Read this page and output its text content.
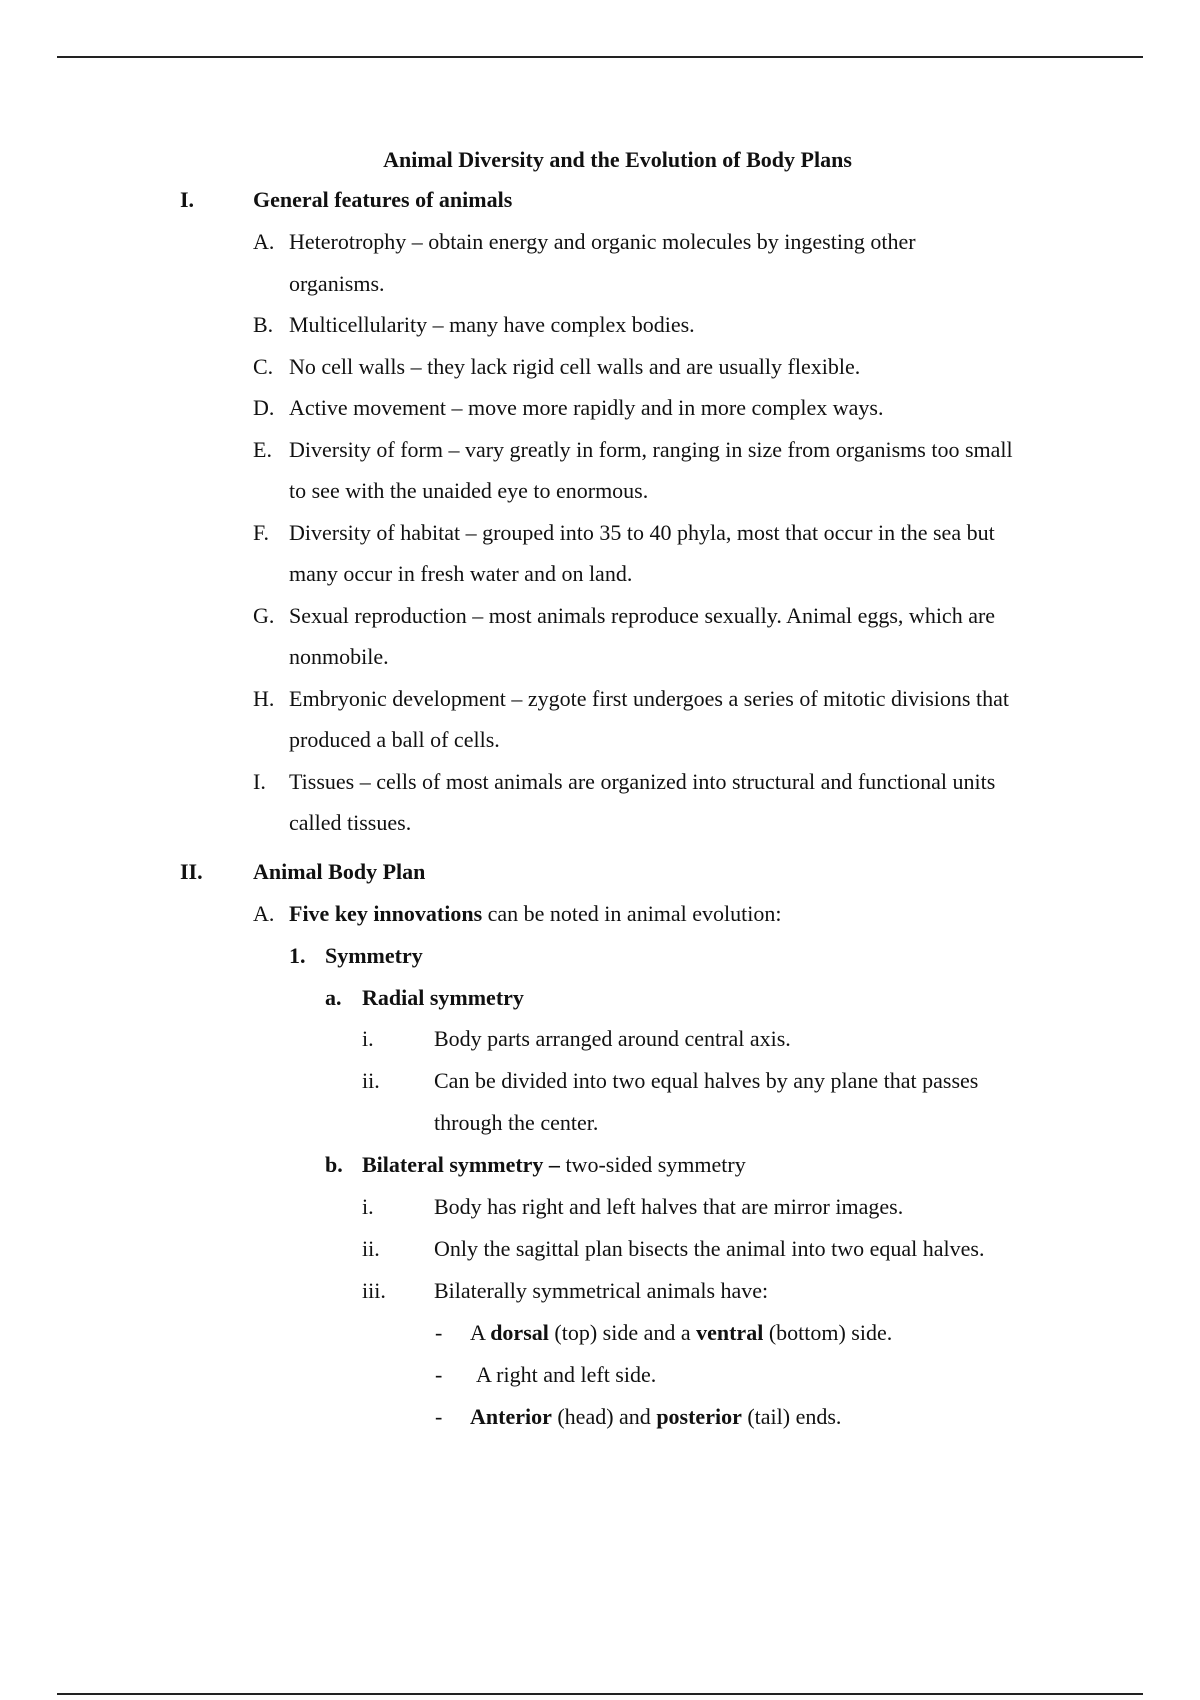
Animal Diversity and the Evolution of Body Plans
I.	General features of animals
A. Heterotrophy – obtain energy and organic molecules by ingesting other
organisms.
B. Multicellularity – many have complex bodies.
C. No cell walls – they lack rigid cell walls and are usually flexible.
D. Active movement – move more rapidly and in more complex ways.
E. Diversity of form – vary greatly in form, ranging in size from organisms too small
to see with the unaided eye to enormous.
F. Diversity of habitat – grouped into 35 to 40 phyla, most that occur in the sea but
many occur in fresh water and on land.
G. Sexual reproduction – most animals reproduce sexually. Animal eggs, which are
nonmobile.
H. Embryonic development – zygote first undergoes a series of mitotic divisions that
produced a ball of cells.
I. Tissues – cells of most animals are organized into structural and functional units
called tissues.
II. Animal Body Plan
A. Five key innovations can be noted in animal evolution:
1. Symmetry
a. Radial symmetry
i.	Body parts arranged around central axis.
ii. Can be divided into two equal halves by any plane that passes
through the center.
b. Bilateral symmetry – two-sided symmetry
i.	Body has right and left halves that are mirror images.
ii. Only the sagittal plan bisects the animal into two equal halves.
iii. Bilaterally symmetrical animals have:
- A dorsal (top) side and a ventral (bottom) side.
- A right and left side.
- Anterior (head) and posterior (tail) ends.
